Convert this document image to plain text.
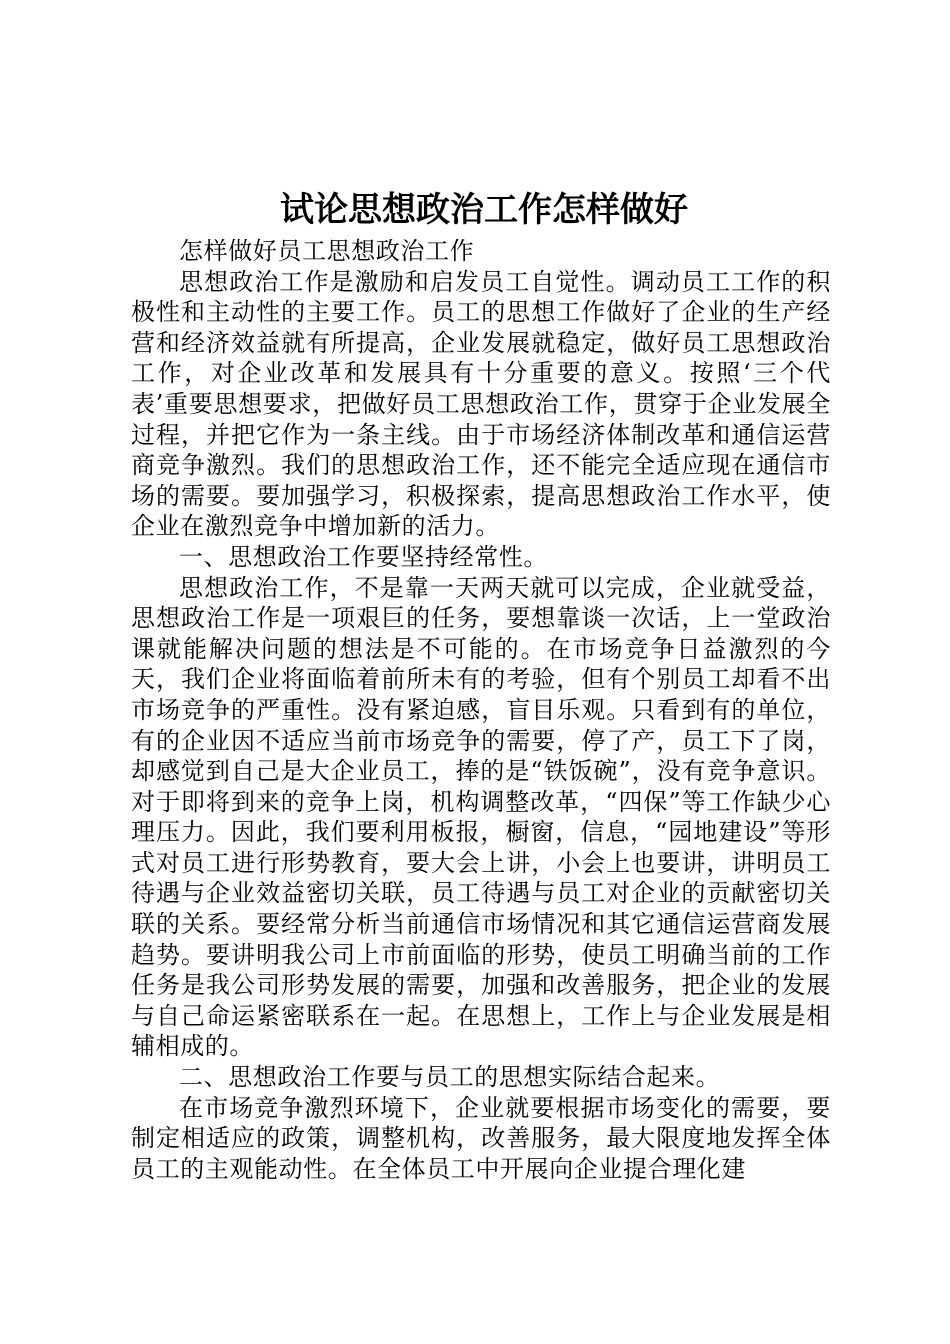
试论思想政治工作怎样做好

怎样做好员工思想政治工作

思想政治工作是激励和启发员工自觉性。调动员工工作的积极性和主动性的主要工作。员工的思想工作做好了企业的生产经营和经济效益就有所提高，企业发展就稳定，做好员工思想政治工作，对企业改革和发展具有十分重要的意义。按照‘三个代表’重要思想要求，把做好员工思想政治工作，贯穿于企业发展全过程，并把它作为一条主线。由于市场经济体制改革和通信运营商竞争激烈。我们的思想政治工作，还不能完全适应现在通信市场的需要。要加强学习，积极探索，提高思想政治工作水平，使企业在激烈竞争中增加新的活力。

一、思想政治工作要坚持经常性。

思想政治工作，不是靠一天两天就可以完成，企业就受益，思想政治工作是一项艰巨的任务，要想靠谈一次话，上一堂政治课就能解决问题的想法是不可能的。在市场竞争日益激烈的今天，我们企业将面临着前所未有的考验，但有个别员工却看不出市场竞争的严重性。没有紧迫感，盲目乐观。只看到有的单位，有的企业因不适应当前市场竞争的需要，停了产，员工下了岗，却感觉到自己是大企业员工，捧的是“铁饭碗”，没有竞争意识。对于即将到来的竞争上岗，机构调整改革，“四保”等工作缺少心理压力。因此，我们要利用板报，橱窗，信息，“园地建设”等形式对员工进行形势教育，要大会上讲，小会上也要讲，讲明员工待遇与企业效益密切关联，员工待遇与员工对企业的贡献密切关联的关系。要经常分析当前通信市场情况和其它通信运营商发展趋势。要讲明我公司上市前面临的形势，使员工明确当前的工作任务是我公司形势发展的需要，加强和改善服务，把企业的发展与自己命运紧密联系在一起。在思想上，工作上与企业发展是相辅相成的。

二、思想政治工作要与员工的思想实际结合起来。

在市场竞争激烈环境下，企业就要根据市场变化的需要，要制定相适应的政策，调整机构，改善服务，最大限度地发挥全体员工的主观能动性。在全体员工中开展向企业提合理化建
